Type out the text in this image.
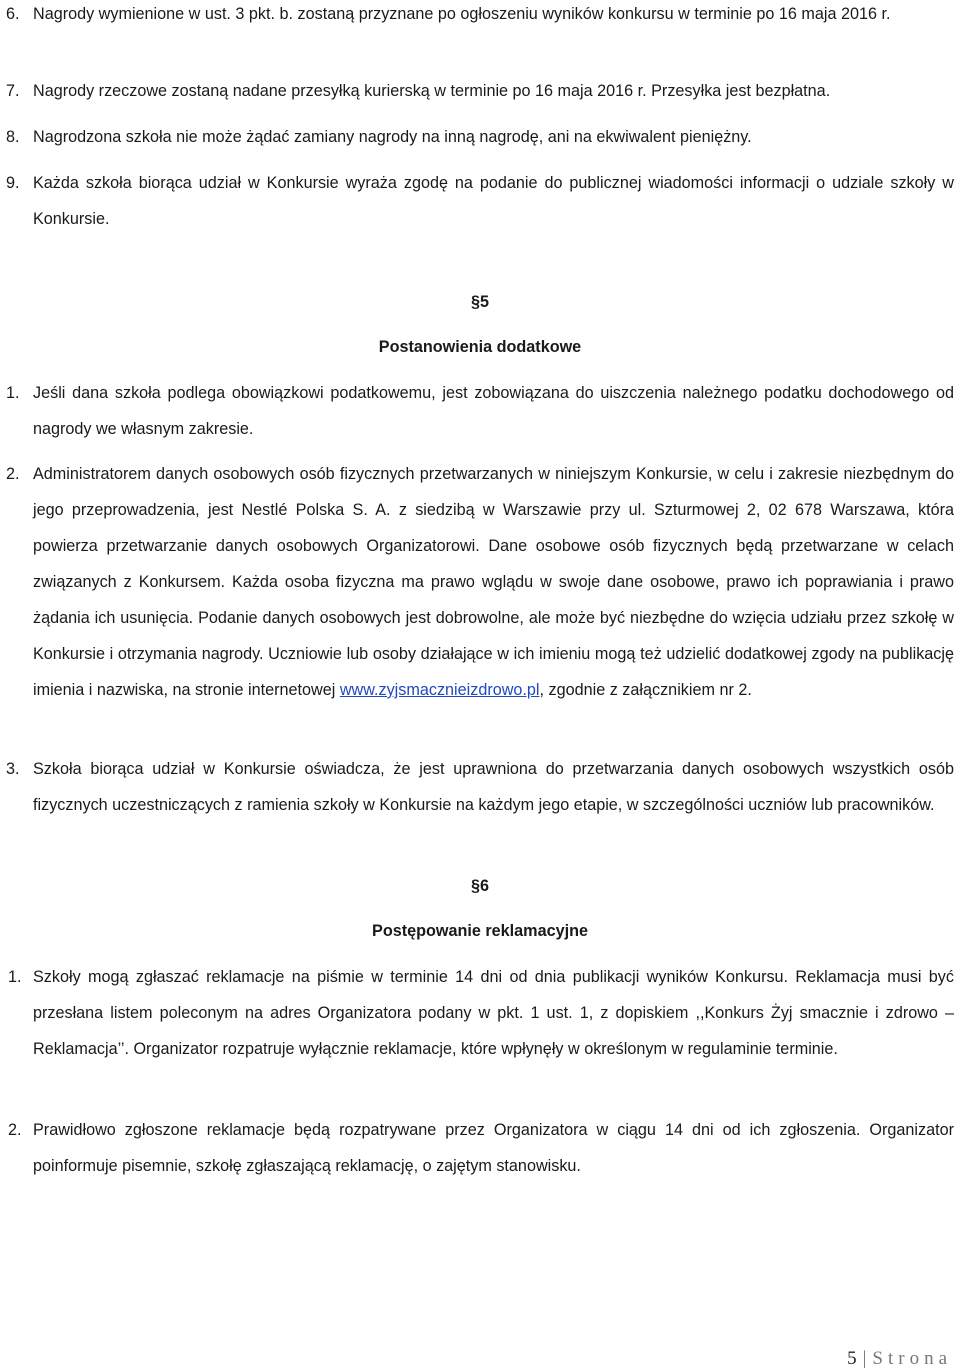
6. Nagrody wymienione w ust. 3 pkt. b. zostaną przyznane po ogłoszeniu wyników konkursu w terminie po 16 maja 2016 r.

7. Nagrody rzeczowe zostaną nadane przesyłką kurierską w terminie po 16 maja 2016 r. Przesyłka jest bezpłatna.

8. Nagrodzona szkoła nie może żądać zamiany nagrody na inną nagrodę, ani na ekwiwalent pieniężny.

9. Każda szkoła biorąca udział w Konkursie wyraża zgodę na podanie do publicznej wiadomości informacji o udziale szkoły w Konkursie.

§5
Postanowienia dodatkowe
1. Jeśli dana szkoła podlega obowiązkowi podatkowemu, jest zobowiązana do uiszczenia należnego podatku dochodowego od nagrody we własnym zakresie.

2. Administratorem danych osobowych osób fizycznych przetwarzanych w niniejszym Konkursie, w celu i zakresie niezbędnym do jego przeprowadzenia, jest Nestlé Polska S. A. z siedzibą w Warszawie przy ul. Szturmowej 2, 02 678 Warszawa, która powierza przetwarzanie danych osobowych Organizatorowi. Dane osobowe osób fizycznych będą przetwarzane w celach związanych z Konkursem. Każda osoba fizyczna ma prawo wglądu w swoje dane osobowe, prawo ich poprawiania i prawo żądania ich usunięcia. Podanie danych osobowych jest dobrowolne, ale może być niezbędne do wzięcia udziału przez szkołę w Konkursie i otrzymania nagrody. Uczniowie lub osoby działające w ich imieniu mogą też udzielić dodatkowej zgody na publikację imienia i nazwiska, na stronie internetowej www.zyjsmacznieizdrowo.pl, zgodnie z załącznikiem nr 2.

3. Szkoła biorąca udział w Konkursie oświadcza, że jest uprawniona do przetwarzania danych osobowych wszystkich osób fizycznych uczestniczących z ramienia szkoły w Konkursie na każdym jego etapie, w szczególności uczniów lub pracowników.

§6
Postępowanie reklamacyjne
1. Szkoły mogą zgłaszać reklamacje na piśmie w terminie 14 dni od dnia publikacji wyników Konkursu. Reklamacja musi być przesłana listem poleconym na adres Organizatora podany w pkt. 1 ust. 1, z dopiskiem ,,Konkurs Żyj smacznie i zdrowo – Reklamacja’’. Organizator rozpatruje wyłącznie reklamacje, które wpłynęły w określonym w regulaminie terminie.

2. Prawidłowo zgłoszone reklamacje będą rozpatrywane przez Organizatora w ciągu 14 dni od ich zgłoszenia. Organizator poinformuje pisemnie, szkołę zgłaszającą reklamację, o zajętym stanowisku.

5 | Strona
